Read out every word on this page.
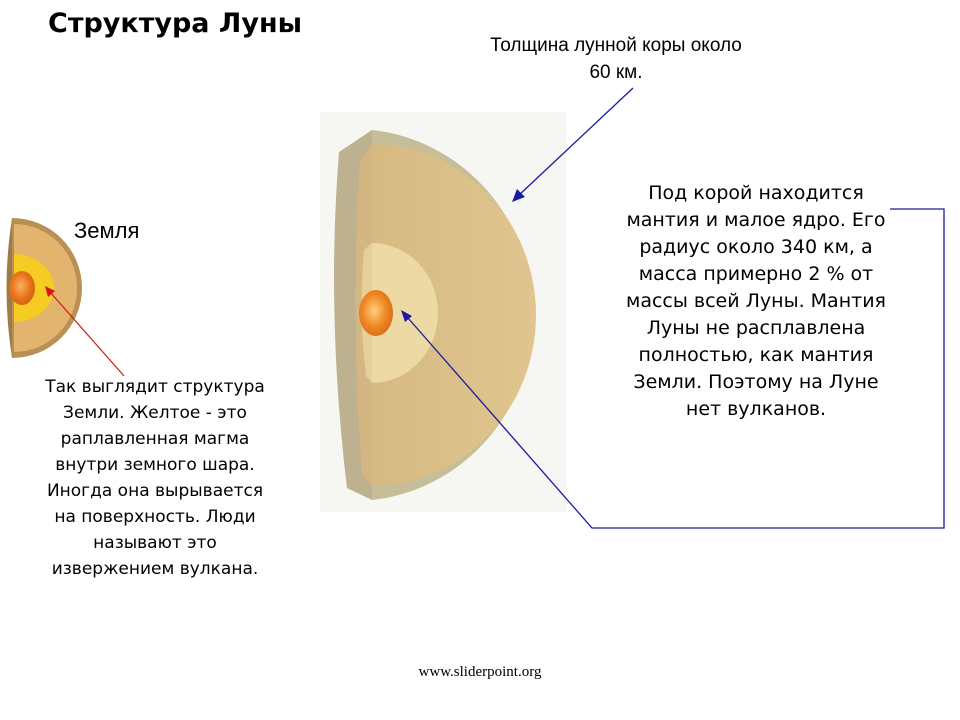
Структура Луны
Толщина лунной коры около
60 км.
Земля
Под корой находится
мантия и малое ядро. Его
радиус около 340 км, а
масса примерно 2 % от
массы всей Луны. Мантия
Луны не расплавлена
полностью, как мантия
Земли. Поэтому на Луне
нет вулканов.
Так выглядит структура
Земли. Желтое - это
раплавленная магма
внутри земного шара.
Иногда она вырывается
на поверхность. Люди
называют это
извержением вулкана.
www.sliderpoint.org
